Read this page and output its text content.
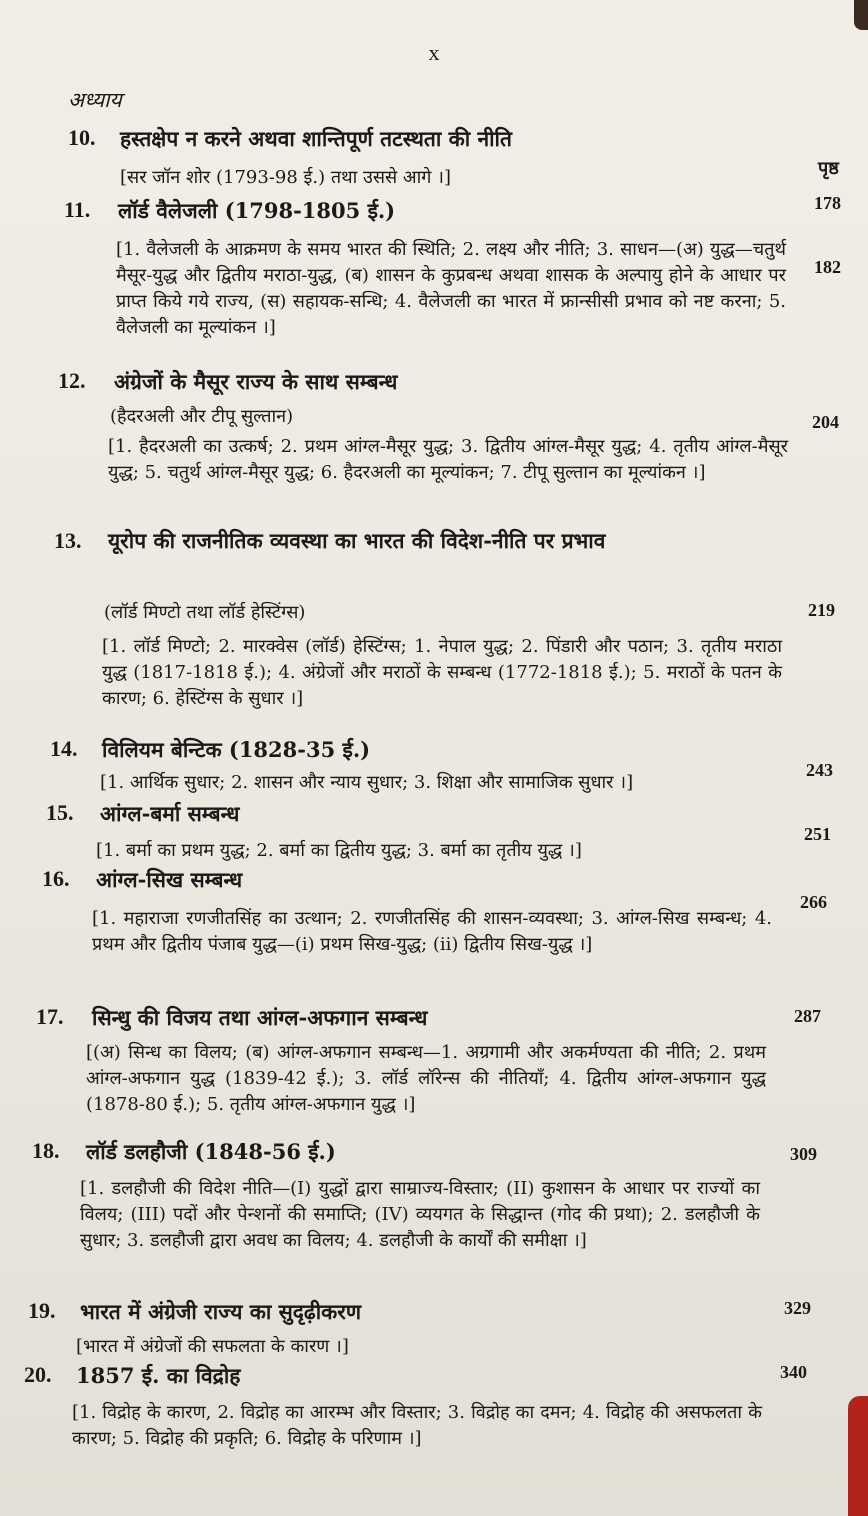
x
अध्याय
पृष्ठ
10. हस्तक्षेप न करने अथवा शान्तिपूर्ण तटस्थता की नीति
[सर जॉन शोर (1793-98 ई.) तथा उससे आगे ।]
178
11. लॉर्ड वैलेजली (1798-1805 ई.)
[1. वैलेजली के आक्रमण के समय भारत की स्थिति; 2. लक्ष्य और नीति; 3. साधन—(अ) युद्ध—चतुर्थ मैसूर-युद्ध और द्वितीय मराठा-युद्ध, (ब) शासन के कुप्रबन्ध अथवा शासक के अल्पायु होने के आधार पर प्राप्त किये गये राज्य, (स) सहायक-सन्धि; 4. वैलेजली का भारत में फ्रान्सीसी प्रभाव को नष्ट करना; 5. वैलेजली का मूल्यांकन ।]
182
12. अंग्रेजों के मैसूर राज्य के साथ सम्बन्ध
(हैदरअली और टीपू सुल्तान)
[1. हैदरअली का उत्कर्ष; 2. प्रथम आंग्ल-मैसूर युद्ध; 3. द्वितीय आंग्ल-मैसूर युद्ध; 4. तृतीय आंग्ल-मैसूर युद्ध; 5. चतुर्थ आंग्ल-मैसूर युद्ध; 6. हैदरअली का मूल्यांकन; 7. टीपू सुल्तान का मूल्यांकन ।]
204
13. यूरोप की राजनीतिक व्यवस्था का भारत की विदेश-नीति पर प्रभाव
(लॉर्ड मिण्टो तथा लॉर्ड हेस्टिंग्स)
[1. लॉर्ड मिण्टो; 2. मारक्वेस (लॉर्ड) हेस्टिंग्स; 1. नेपाल युद्ध; 2. पिंडारी और पठान; 3. तृतीय मराठा युद्ध (1817-1818 ई.); 4. अंग्रेजों और मराठों के सम्बन्ध (1772-1818 ई.); 5. मराठों के पतन के कारण; 6. हेस्टिंग्स के सुधार ।]
219
14. विलियम बेन्टिक (1828-35 ई.)
[1. आर्थिक सुधार; 2. शासन और न्याय सुधार; 3. शिक्षा और सामाजिक सुधार ।]
243
15. आंग्ल-बर्मा सम्बन्ध
[1. बर्मा का प्रथम युद्ध; 2. बर्मा का द्वितीय युद्ध; 3. बर्मा का तृतीय युद्ध ।]
251
16. आंग्ल-सिख सम्बन्ध
[1. महाराजा रणजीतसिंह का उत्थान; 2. रणजीतसिंह की शासन-व्यवस्था; 3. आंग्ल-सिख सम्बन्ध; 4. प्रथम और द्वितीय पंजाब युद्ध—(i) प्रथम सिख-युद्ध; (ii) द्वितीय सिख-युद्ध ।]
266
17. सिन्धु की विजय तथा आंग्ल-अफगान सम्बन्ध
[(अ) सिन्ध का विलय; (ब) आंग्ल-अफगान सम्बन्ध—1. अग्रगामी और अकर्मण्यता की नीति; 2. प्रथम आंग्ल-अफगान युद्ध (1839-42 ई.); 3. लॉर्ड लॉरेन्स की नीतियाँ; 4. द्वितीय आंग्ल-अफगान युद्ध (1878-80 ई.); 5. तृतीय आंग्ल-अफगान युद्ध ।]
287
18. लॉर्ड डलहौजी (1848-56 ई.)
[1. डलहौजी की विदेश नीति—(I) युद्धों द्वारा साम्राज्य-विस्तार; (II) कुशासन के आधार पर राज्यों का विलय; (III) पदों और पेन्शनों की समाप्ति; (IV) व्ययगत के सिद्धान्त (गोद की प्रथा); 2. डलहौजी के सुधार; 3. डलहौजी द्वारा अवध का विलय; 4. डलहौजी के कार्यों की समीक्षा ।]
309
19. भारत में अंग्रेजी राज्य का सुदृढ़ीकरण
[भारत में अंग्रेजों की सफलता के कारण ।]
329
20. 1857 ई. का विद्रोह
[1. विद्रोह के कारण, 2. विद्रोह का आरम्भ और विस्तार; 3. विद्रोह का दमन; 4. विद्रोह की असफलता के कारण; 5. विद्रोह की प्रकृति; 6. विद्रोह के परिणाम ।]
340
